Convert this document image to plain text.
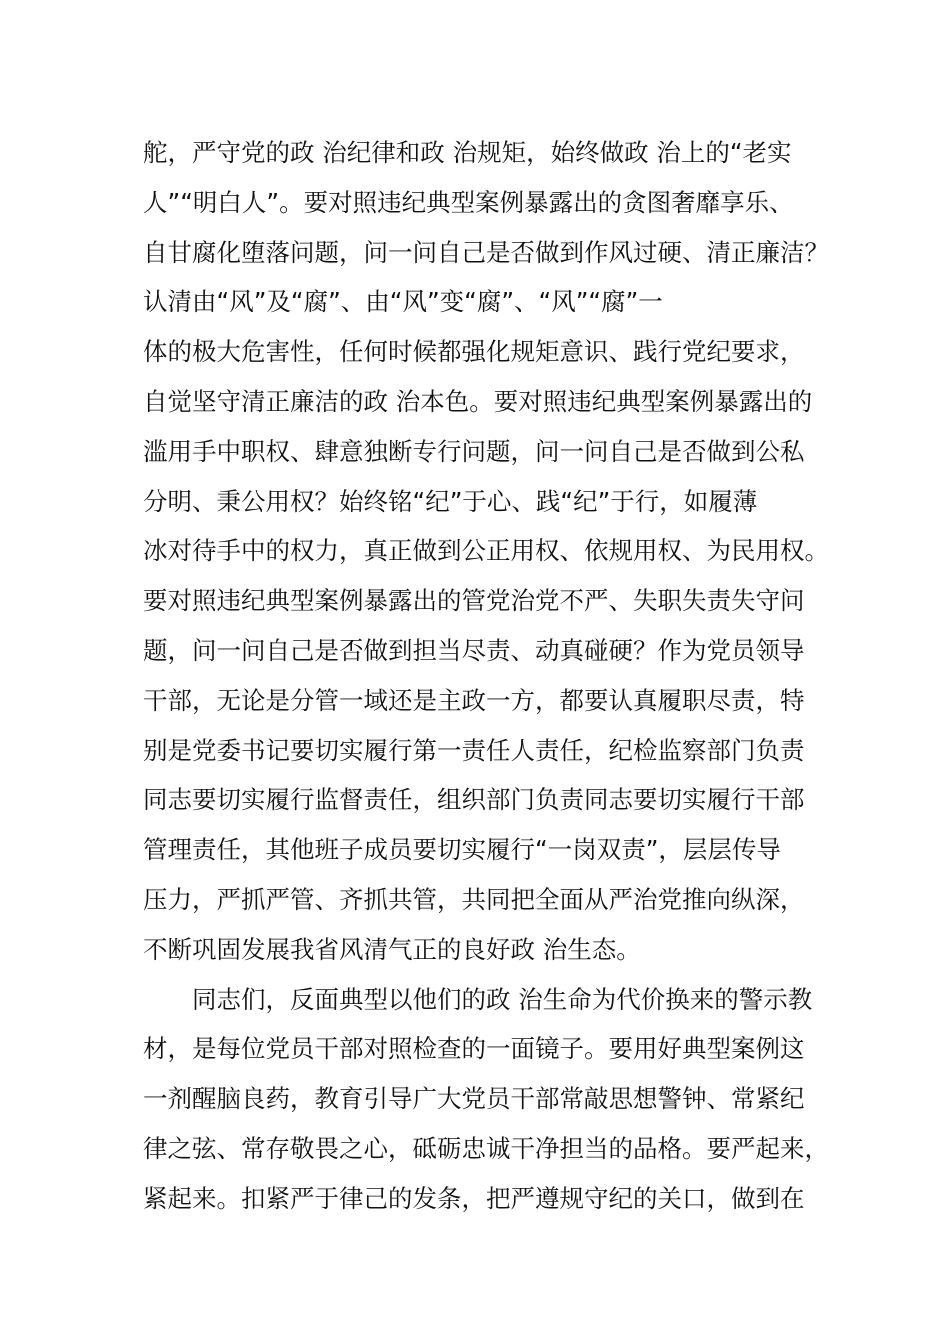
舵，严守党的政 治纪律和政 治规矩，始终做政 治上的“老实
人”“明白人”。要对照违纪典型案例暴露出的贪图奢靡享乐、
自甘腐化堕落问题，问一问自己是否做到作风过硬、清正廉洁？
认清由“风”及“腐”、由“风”变“腐”、“风”“腐”一
体的极大危害性，任何时候都强化规矩意识、践行党纪要求，
自觉坚守清正廉洁的政 治本色。要对照违纪典型案例暴露出的
滥用手中职权、肆意独断专行问题，问一问自己是否做到公私
分明、秉公用权？始终铭“纪”于心、践“纪”于行，如履薄
冰对待手中的权力，真正做到公正用权、依规用权、为民用权。
要对照违纪典型案例暴露出的管党治党不严、失职失责失守问
题，问一问自己是否做到担当尽责、动真碰硬？作为党员领导
干部，无论是分管一域还是主政一方，都要认真履职尽责，特
别是党委书记要切实履行第一责任人责任，纪检监察部门负责
同志要切实履行监督责任，组织部门负责同志要切实履行干部
管理责任，其他班子成员要切实履行“一岗双责”，层层传导
压力，严抓严管、齐抓共管，共同把全面从严治党推向纵深，
不断巩固发展我省风清气正的良好政 治生态。
　　同志们，反面典型以他们的政 治生命为代价换来的警示教
材，是每位党员干部对照检查的一面镜子。要用好典型案例这
一剂醒脑良药，教育引导广大党员干部常敲思想警钟、常紧纪
律之弦、常存敬畏之心，砥砺忠诚干净担当的品格。要严起来，
紧起来。扣紧严于律己的发条，把严遵规守纪的关口，做到在
